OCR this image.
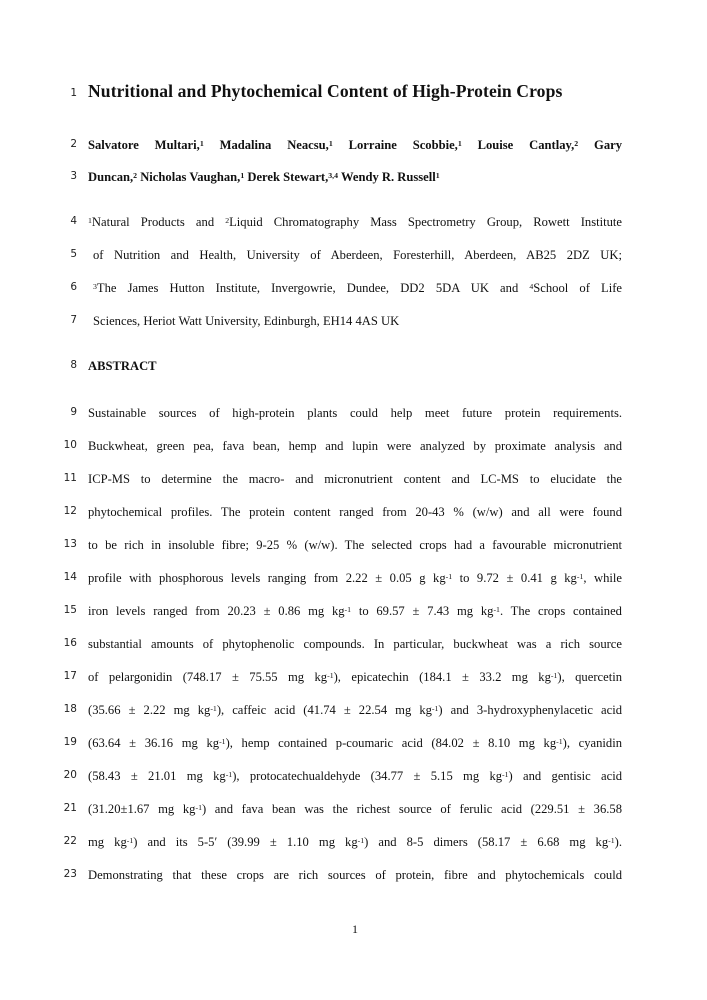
1 Nutritional and Phytochemical Content of High-Protein Crops
2 Salvatore Multari,$^1$ Madalina Neacsu,$^1$ Lorraine Scobbie,$^1$ Louise Cantlay,$^2$ Gary
3 Duncan,$^2$ Nicholas Vaughan,$^1$ Derek Stewart,$^{3,4}$ Wendy R. Russell$^1$
4 $^1$Natural Products and $^2$Liquid Chromatography Mass Spectrometry Group, Rowett Institute
5 of Nutrition and Health, University of Aberdeen, Foresterhill, Aberdeen, AB25 2DZ UK;
6 $^3$The James Hutton Institute, Invergowrie, Dundee, DD2 5DA UK and $^4$School of Life
7 Sciences, Heriot Watt University, Edinburgh, EH14 4AS UK
8 ABSTRACT
9 Sustainable sources of high-protein plants could help meet future protein requirements.
10 Buckwheat, green pea, fava bean, hemp and lupin were analyzed by proximate analysis and
11 ICP-MS to determine the macro- and micronutrient content and LC-MS to elucidate the
12 phytochemical profiles. The protein content ranged from 20-43 % (w/w) and all were found
13 to be rich in insoluble fibre; 9-25 % (w/w). The selected crops had a favourable micronutrient
14 profile with phosphorous levels ranging from 2.22 ± 0.05 g $kg^{-1}$ to 9.72 ± 0.41 g $kg^{-1}$, while
15 iron levels ranged from 20.23 ± 0.86 mg $kg^{-1}$ to 69.57 ± 7.43 mg $kg^{-1}$. The crops contained
16 substantial amounts of phytophenolic compounds. In particular, buckwheat was a rich source
17 of pelargonidin (748.17 ± 75.55 mg $kg^{-1}$), epicatechin (184.1 ± 33.2 mg $kg^{-1}$), quercetin
18 (35.66 ± 2.22 mg $kg^{-1}$), caffeic acid (41.74 ± 22.54 mg $kg^{-1}$) and 3-hydroxyphenylacetic acid
19 (63.64 ± 36.16 mg $kg^{-1}$), hemp contained p-coumaric acid (84.02 ± 8.10 mg $kg^{-1}$), cyanidin
20 (58.43 ± 21.01 mg $kg^{-1}$), protocatechualdehyde (34.77 ± 5.15 mg $kg^{-1}$) and gentisic acid
21 (31.20±1.67 mg $kg^{-1}$) and fava bean was the richest source of ferulic acid (229.51 ± 36.58
22 mg $kg^{-1}$) and its 5-5′ (39.99 ± 1.10 mg $kg^{-1}$) and 8-5 dimers (58.17 ± 6.68 mg $kg^{-1}$).
23 Demonstrating that these crops are rich sources of protein, fibre and phytochemicals could
1
